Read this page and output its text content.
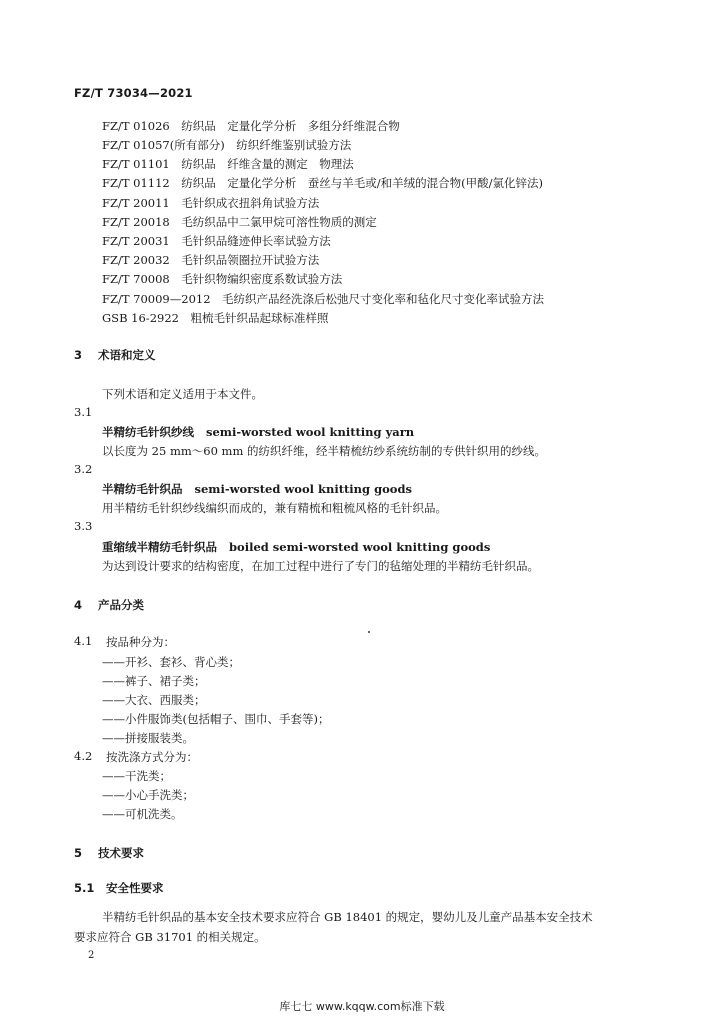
FZ/T 73034—2021
FZ/T 01026　纺织品　定量化学分析　多组分纤维混合物
FZ/T 01057(所有部分)　纺织纤维鉴别试验方法
FZ/T 01101　纺织品　纤维含量的测定　物理法
FZ/T 01112　纺织品　定量化学分析　蚕丝与羊毛或/和羊绒的混合物(甲酸/氯化锌法)
FZ/T 20011　毛针织成衣扭斜角试验方法
FZ/T 20018　毛纺织品中二氯甲烷可溶性物质的测定
FZ/T 20031　毛针织品缝迹伸长率试验方法
FZ/T 20032　毛针织品领圈拉开试验方法
FZ/T 70008　毛针织物编织密度系数试验方法
FZ/T 70009—2012　毛纺织产品经洗涤后松弛尺寸变化率和毡化尺寸变化率试验方法
GSB 16-2922　粗梳毛针织品起球标准样照
3 术语和定义
下列术语和定义适用于本文件。
3.1
半精纺毛针织纱线 semi-worsted wool knitting yarn
以长度为 25 mm～60 mm 的纺织纤维，经半精梳纺纱系统纺制的专供针织用的纱线。
3.2
半精纺毛针织品 semi-worsted wool knitting goods
用半精纺毛针织纱线编织而成的，兼有精梳和粗梳风格的毛针织品。
3.3
重缩绒半精纺毛针织品 boiled semi-worsted wool knitting goods
为达到设计要求的结构密度，在加工过程中进行了专门的毡缩处理的半精纺毛针织品。
4 产品分类
4.1 按品种分为：
——开衫、套衫、背心类；
——裤子、裙子类；
——大衣、西服类；
——小件服饰类(包括帽子、围巾、手套等)；
——拼接服装类。
4.2 按洗涤方式分为：
——干洗类；
——小心手洗类；
——可机洗类。
5 技术要求
5.1 安全性要求
半精纺毛针织品的基本安全技术要求应符合 GB 18401 的规定，婴幼儿及儿童产品基本安全技术
要求应符合 GB 31701 的相关规定。
2
库七七 www.kqqw.com标准下载
